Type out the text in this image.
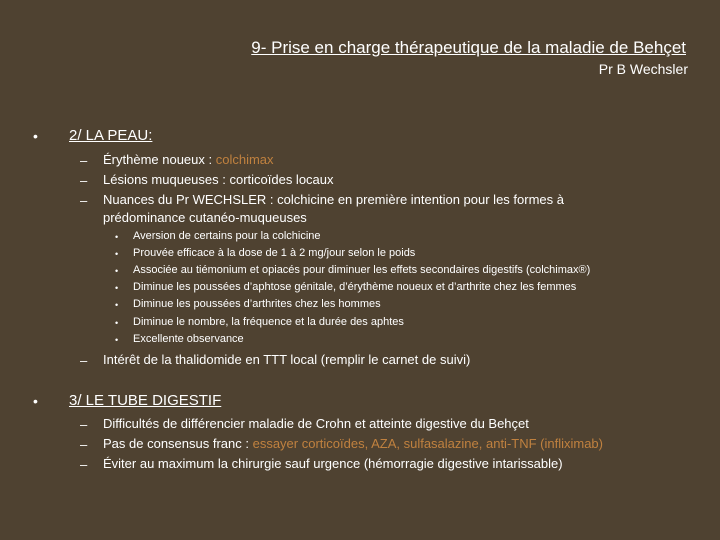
9- Prise en charge thérapeutique de la maladie de Behçet
Pr B Wechsler
• 2/ LA PEAU:
– Érythème noueux : colchimax
– Lésions muqueuses : corticoïdes locaux
– Nuances du Pr WECHSLER : colchicine en première intention pour les formes à prédominance cutanéo-muqueuses
• Aversion de certains pour la colchicine
• Prouvée efficace à la dose de 1 à 2 mg/jour selon le poids
• Associée au tiémonium et opiacés pour diminuer les effets secondaires digestifs (colchimax®)
• Diminue les poussées d’aphtose génitale, d’érythème noueux et d’arthrite chez les femmes
• Diminue les poussées d’arthrites chez les hommes
• Diminue le nombre, la fréquence et la durée des aphtes
• Excellente observance
– Intérêt de la thalidomide en TTT local (remplir le carnet de suivi)
• 3/ LE TUBE DIGESTIF
– Difficultés de différencier maladie de Crohn et atteinte digestive du Behçet
– Pas de consensus franc : essayer corticoïdes, AZA, sulfasalazine, anti-TNF (infliximab)
– Éviter au maximum la chirurgie sauf urgence (hémorragie digestive intarissable)
